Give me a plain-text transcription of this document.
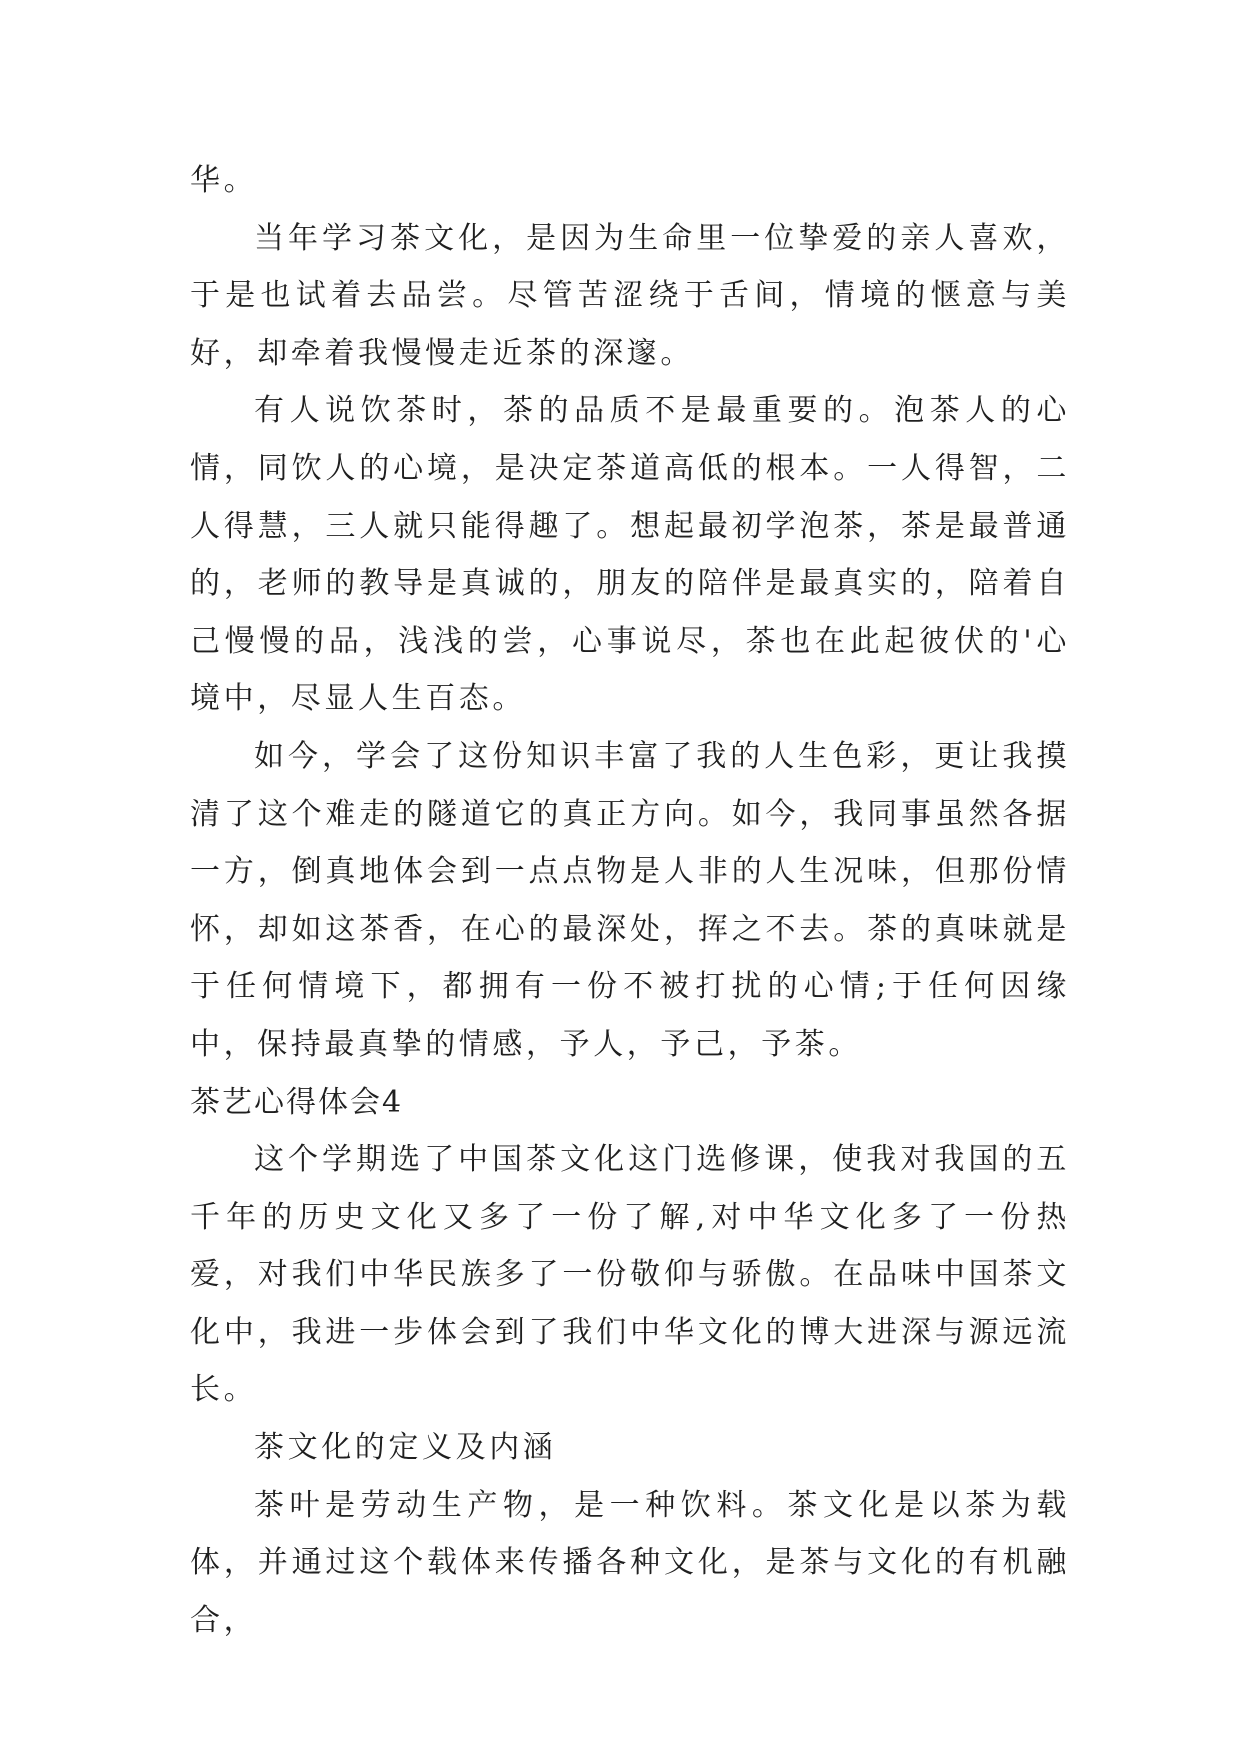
华。

当年学习茶文化，是因为生命里一位挚爱的亲人喜欢，于是也试着去品尝。尽管苦涩绕于舌间，情境的惬意与美好，却牵着我慢慢走近茶的深邃。

有人说饮茶时，茶的品质不是最重要的。泡茶人的心情，同饮人的心境，是决定茶道高低的根本。一人得智，二人得慧，三人就只能得趣了。想起最初学泡茶，茶是最普通的，老师的教导是真诚的，朋友的陪伴是最真实的，陪着自己慢慢的品，浅浅的尝，心事说尽，茶也在此起彼伏的'心境中，尽显人生百态。

如今，学会了这份知识丰富了我的人生色彩，更让我摸清了这个难走的隧道它的真正方向。如今，我同事虽然各据一方，倒真地体会到一点点物是人非的人生况味，但那份情怀，却如这茶香，在心的最深处，挥之不去。茶的真味就是于任何情境下，都拥有一份不被打扰的心情;于任何因缘中，保持最真挚的情感，予人，予己，予茶。

茶艺心得体会4

这个学期选了中国茶文化这门选修课，使我对我国的五千年的历史文化又多了一份了解,对中华文化多了一份热爱，对我们中华民族多了一份敬仰与骄傲。在品味中国茶文化中，我进一步体会到了我们中华文化的博大进深与源远流长。

茶文化的定义及内涵

茶叶是劳动生产物，是一种饮料。茶文化是以茶为载体，并通过这个载体来传播各种文化，是茶与文化的有机融合，
